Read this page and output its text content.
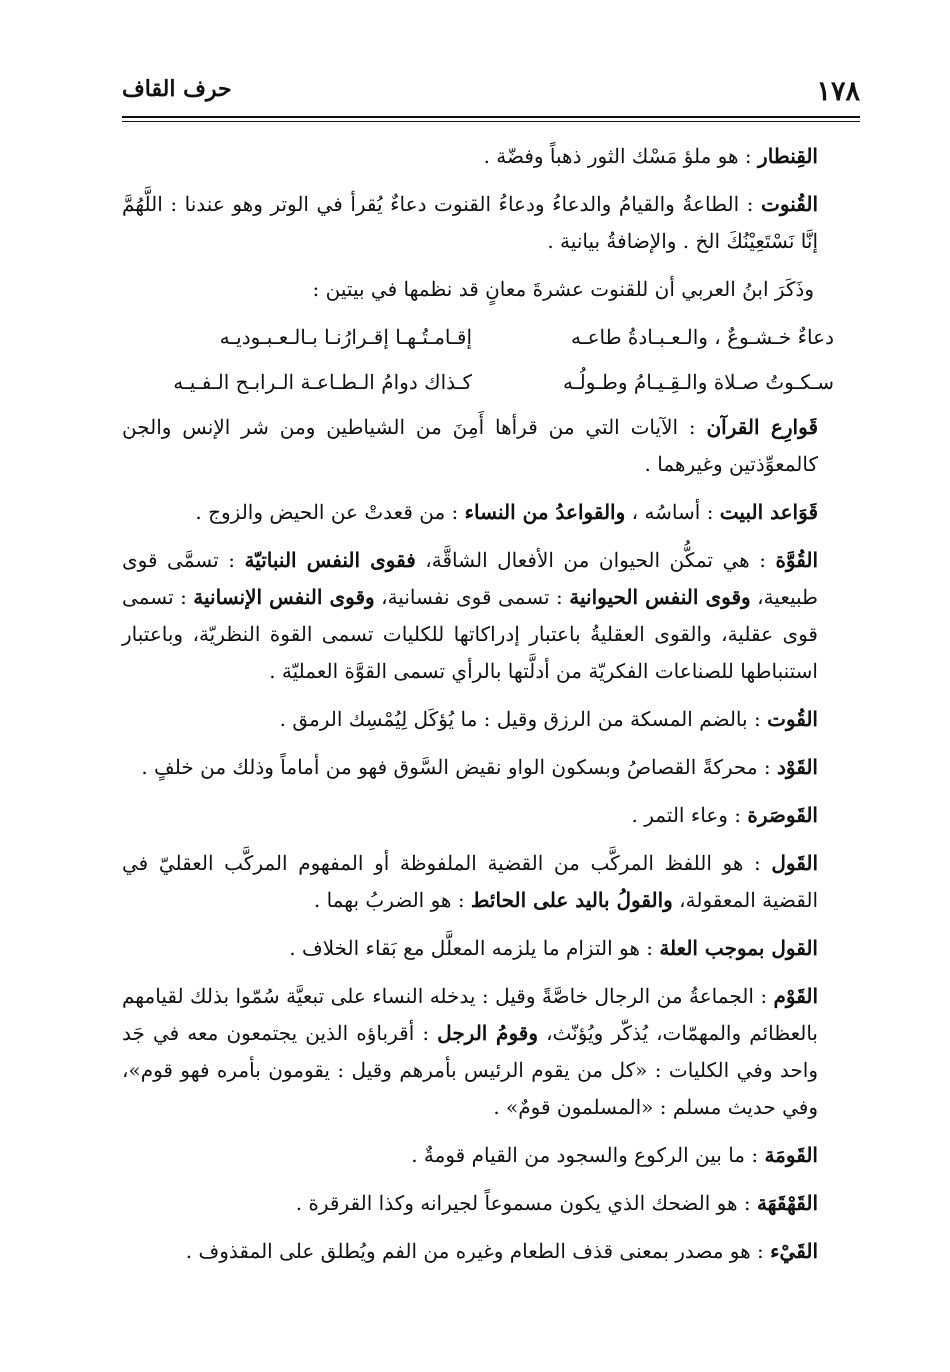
١٧٨
حرف القاف

القِنطار : هو ملؤ مَسْك الثور ذهباً وفضّة .

القُنوت : الطاعةُ والقيامُ والدعاءُ ودعاءُ القنوت دعاءٌ يُقرأ في الوتر وهو عندنا : اللَّهُمَّ إنَّا نَسْتَعِيْنُكَ الخ . والإضافةُ بيانية .

وذَكَرَ ابنُ العربي أن للقنوت عشرةَ معانٍ قد نظمها في بيتين :

دعاءٌ خـشـوعٌ ، والـعـبـادةُ طاعـه
إقـامـتُـهـا إقـرارُنـا بـالـعـبـوديـه
سـكـوتُ صـلاة والـقِـيـامُ وطـولُـه
كـذاك دوامُ الـطـاعـة الـرابـح الـفـيـه

قَوارِع القرآن : الآيات التي من قرأها أَمِنَ من الشياطين ومن شر الإنس والجن كالمعوِّذتين وغيرهما .

قَوَاعد البيت : أساسُه ، والقواعدُ من النساء : من قعدتْ عن الحيض والزوج .

القُوَّة : هي تمكُّن الحيوان من الأفعال الشاقَّة، فقوى النفس النباتيّة : تسمَّى قوى طبيعية، وقوى النفس الحيوانية : تسمى قوى نفسانية، وقوى النفس الإنسانية : تسمى قوى عقلية، والقوى العقليةُ باعتبار إدراكاتها للكليات تسمى القوة النظريّة، وباعتبار استنباطها للصناعات الفكريّة من أدلَّتها بالرأي تسمى القوَّة العمليّة .

القُوت : بالضم المسكة من الرزق وقيل : ما يُؤكَل لِيُمْسِك الرمق .

القَوْد : محركةً القصاصُ وبسكون الواو نقيض السَّوق فهو من أماماً وذلك من خلفٍ .

القَوصَرة : وعاء التمر .

القَول : هو اللفظ المركَّب من القضية الملفوظة أو المفهوم المركَّب العقليّ في القضية المعقولة، والقولُ باليد على الحائط : هو الضربُ بهما .

القول بموجب العلة : هو التزام ما يلزمه المعلَّل مع بَقاء الخلاف .

القَوْم : الجماعةُ من الرجال خاصَّةً وقيل : يدخله النساء على تبعيَّة سُمّوا بذلك لقيامهم بالعظائم والمهمّات، يُذكّر ويُؤنّث، وقومُ الرجل : أقرباؤه الذين يجتمعون معه في جَد واحد وفي الكليات : «كل من يقوم الرئيس بأمرهم وقيل : يقومون بأمره فهو قوم»، وفي حديث مسلم : «المسلمون قومٌ» .

القَومَة : ما بين الركوع والسجود من القيام قومةٌ .

القَهْقَهَة : هو الضحك الذي يكون مسموعاً لجيرانه وكذا القرقرة .

القَيْء : هو مصدر بمعنى قذف الطعام وغيره من الفم ويُطلق على المقذوف .
